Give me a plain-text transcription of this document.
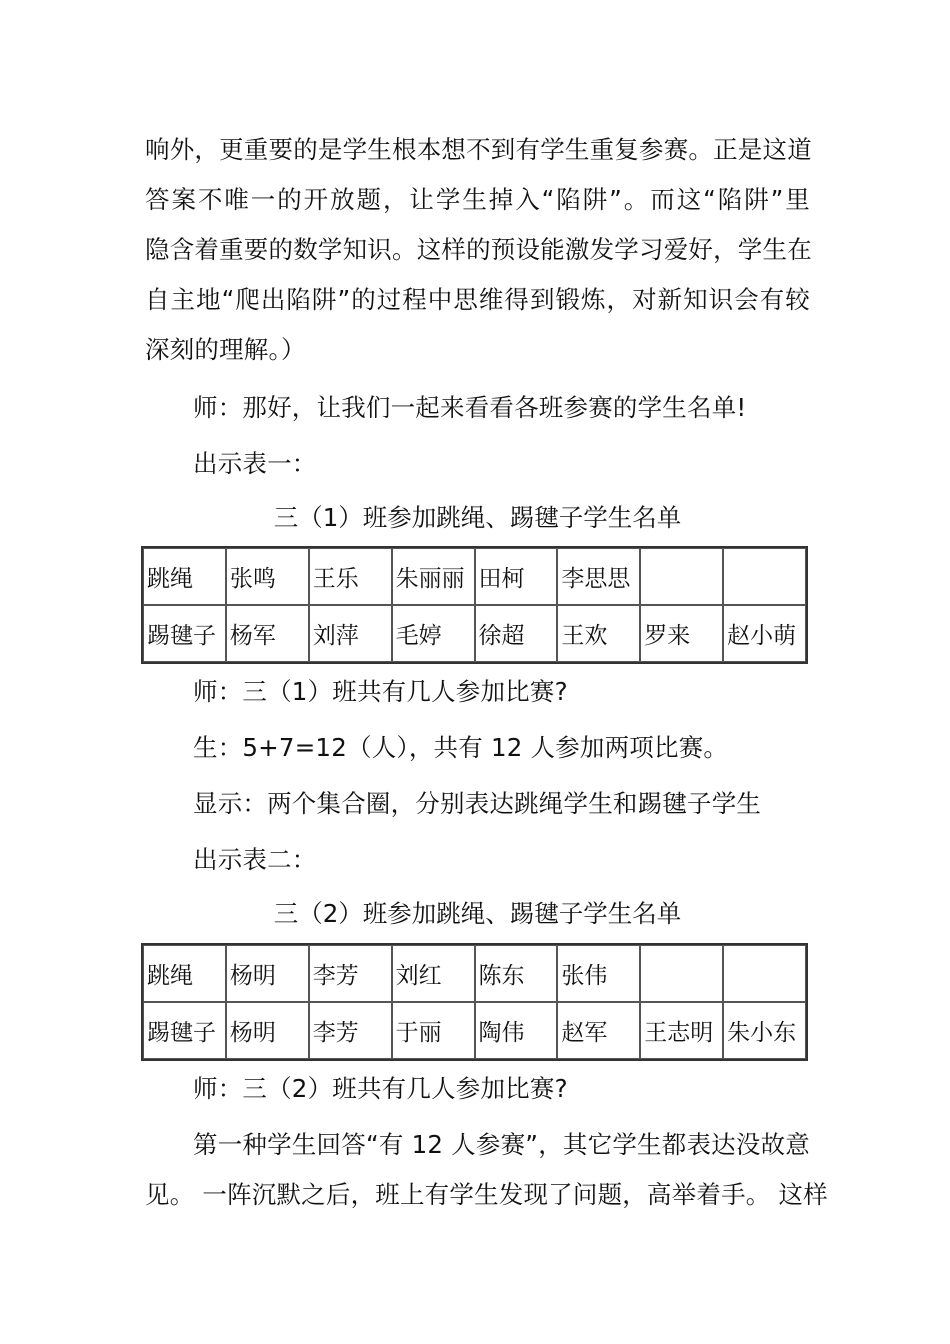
响外，更重要的是学生根本想不到有学生重复参赛。正是这道
答案不唯一的开放题，让学生掉入“陷阱”。而这“陷阱”里
隐含着重要的数学知识。这样的预设能激发学习爱好，学生在
自主地“爬出陷阱”的过程中思维得到锻炼，对新知识会有较
深刻的理解。）
师：那好，让我们一起来看看各班参赛的学生名单!
出示表一：
三（1）班参加跳绳、踢毽子学生名单
跳绳	张鸣	王乐	朱丽丽	田柯	李思思		
踢毽子	杨军	刘萍	毛婷	徐超	王欢	罗来	赵小萌
师：三（1）班共有几人参加比赛?
生：5+7=12（人），共有 12 人参加两项比赛。
显示：两个集合圈，分别表达跳绳学生和踢毽子学生
出示表二：
三（2）班参加跳绳、踢毽子学生名单
跳绳	杨明	李芳	刘红	陈东	张伟		
踢毽子	杨明	李芳	于丽	陶伟	赵军	王志明	朱小东
师：三（2）班共有几人参加比赛?
第一种学生回答“有 12 人参赛”，其它学生都表达没故意
见。 一阵沉默之后，班上有学生发现了问题，高举着手。 这样
